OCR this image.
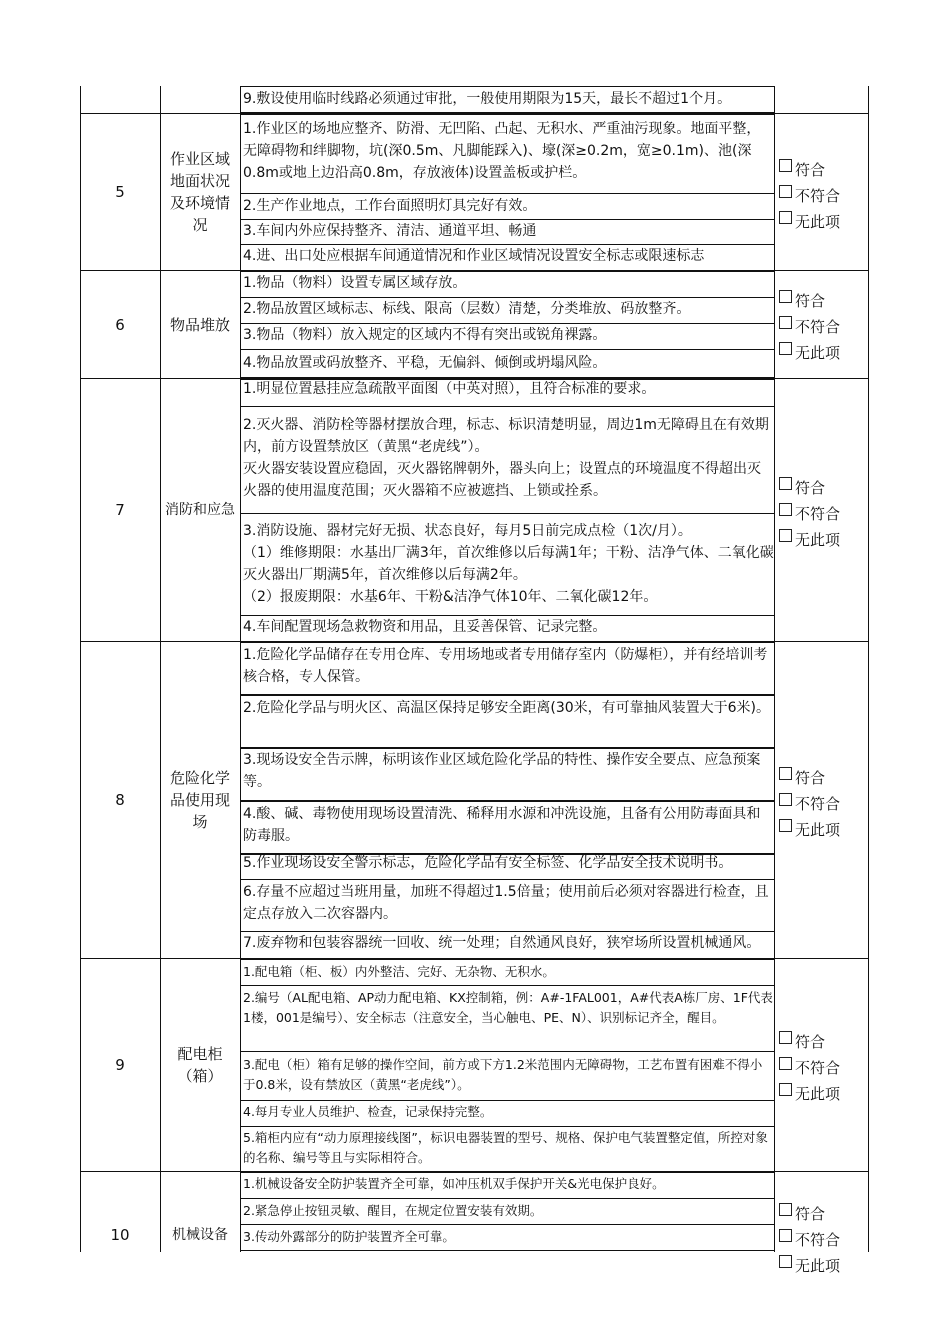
9.敷设使用临时线路必须通过审批，一般使用期限为15天，最长不超过1个月。
5
作业区域地面状况及环境情况
1.作业区的场地应整齐、防滑、无凹陷、凸起、无积水、严重油污现象。地面平整，无障碍物和绊脚物，坑(深0.5m、凡脚能踩入)、壕(深≥0.2m，宽≥0.1m)、池(深0.8m或地上边沿高0.8m，存放液体)设置盖板或护栏。
2.生产作业地点，工作台面照明灯具完好有效。
3.车间内外应保持整齐、清洁、通道平坦、畅通
4.进、出口处应根据车间通道情况和作业区域情况设置安全标志或限速标志
符合
不符合
无此项
6	物品堆放
1.物品（物料）设置专属区域存放。
2.物品放置区域标志、标线、限高（层数）清楚，分类堆放、码放整齐。
3.物品（物料）放入规定的区域内不得有突出或锐角裸露。
4.物品放置或码放整齐、平稳，无偏斜、倾倒或坍塌风险。
符合
不符合
无此项
7	消防和应急
1.明显位置悬挂应急疏散平面图（中英对照），且符合标准的要求。
2.灭火器、消防栓等器材摆放合理，标志、标识清楚明显，周边1m无障碍且在有效期内，前方设置禁放区（黄黑“老虎线”）。
灭火器安装设置应稳固，灭火器铭牌朝外，器头向上；设置点的环境温度不得超出灭火器的使用温度范围；灭火器箱不应被遮挡、上锁或拴系。
3.消防设施、器材完好无损、状态良好，每月5日前完成点检（1次/月）。
（1）维修期限：水基出厂满3年，首次维修以后每满1年；干粉、洁净气体、二氧化碳灭火器出厂期满5年，首次维修以后每满2年。
（2）报废期限：水基6年、干粉&洁净气体10年、二氧化碳12年。
4.车间配置现场急救物资和用品，且妥善保管、记录完整。
符合
不符合
无此项
8
危险化学品使用现场
1.危险化学品储存在专用仓库、专用场地或者专用储存室内（防爆柜），并有经培训考核合格，专人保管。
2.危险化学品与明火区、高温区保持足够安全距离(30米，有可靠抽风装置大于6米)。
3.现场设安全告示牌，标明该作业区域危险化学品的特性、操作安全要点、应急预案等。
4.酸、碱、毒物使用现场设置清洗、稀释用水源和冲洗设施，且备有公用防毒面具和防毒服。
5.作业现场设安全警示标志，危险化学品有安全标签、化学品安全技术说明书。
6.存量不应超过当班用量，加班不得超过1.5倍量；使用前后必须对容器进行检查，且定点存放入二次容器内。
7.废弃物和包装容器统一回收、统一处理；自然通风良好，狭窄场所设置机械通风。
符合
不符合
无此项
9
配电柜（箱）
1.配电箱（柜、板）内外整洁、完好、无杂物、无积水。
2.编号（AL配电箱、AP动力配电箱、KX控制箱，例：A#-1FAL001，A#代表A栋厂房、1F代表1楼，001是编号）、安全标志（注意安全，当心触电、PE、N）、识别标记齐全，醒目。
3.配电（柜）箱有足够的操作空间，前方或下方1.2米范围内无障碍物，工艺布置有困难不得小于0.8米，设有禁放区（黄黑“老虎线”）。
4.每月专业人员维护、检查，记录保持完整。
5.箱柜内应有“动力原理接线图”，标识电器装置的型号、规格、保护电气装置整定值，所控对象的名称、编号等且与实际相符合。
符合
不符合
无此项
10	机械设备
1.机械设备安全防护装置齐全可靠，如冲压机双手保护开关&光电保护良好。
2.紧急停止按钮灵敏、醒目，在规定位置安装有效期。
3.传动外露部分的防护装置齐全可靠。
符合
不符合
无此项
